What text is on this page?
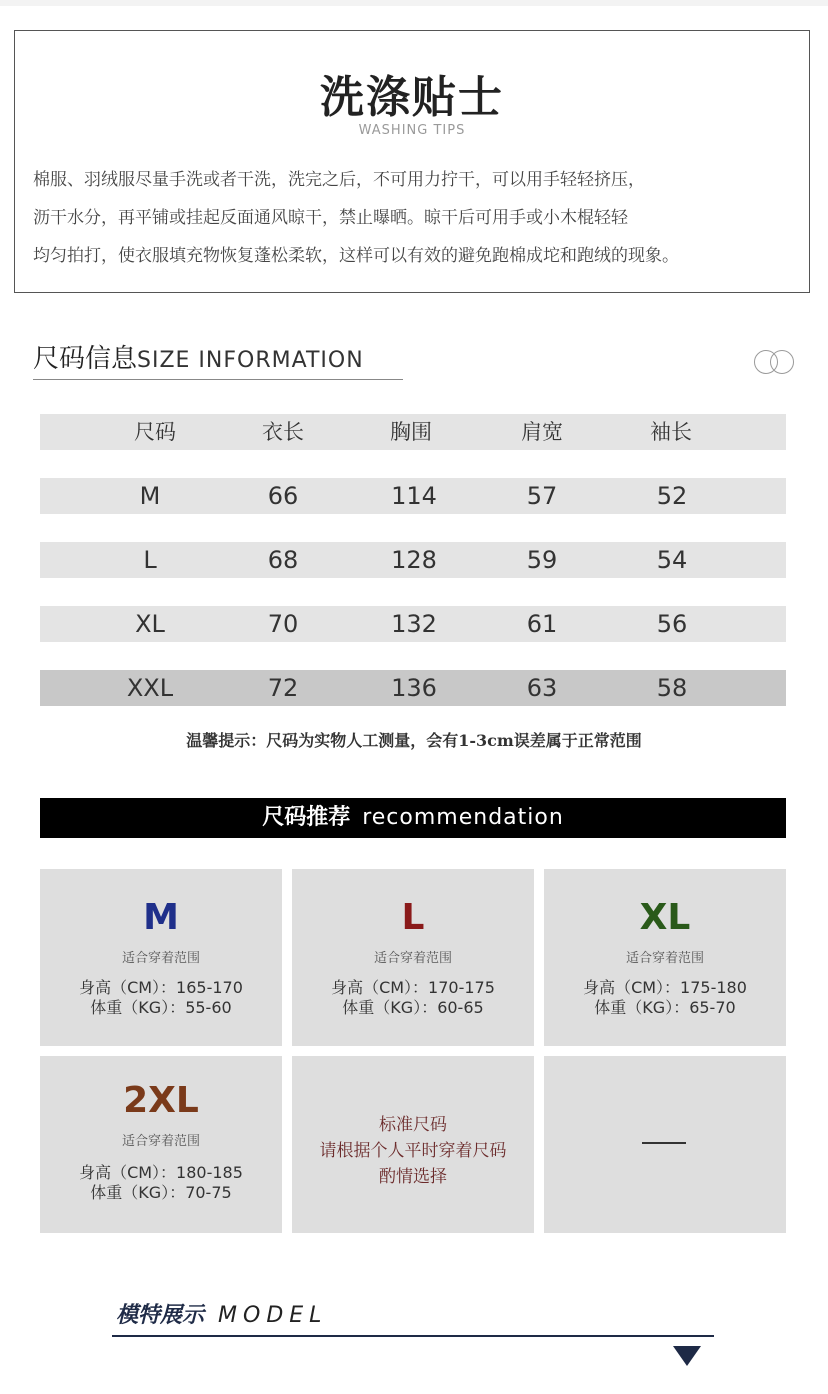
洗涤贴士
WASHING TIPS
棉服、羽绒服尽量手洗或者干洗，洗完之后，不可用力拧干，可以用手轻轻挤压，
沥干水分，再平铺或挂起反面通风晾干，禁止曝晒。晾干后可用手或小木棍轻轻
均匀拍打，使衣服填充物恢复蓬松柔软，这样可以有效的避免跑棉成坨和跑绒的现象。
尺码信息SIZE INFORMATION
尺码	衣长	胸围	肩宽	袖长
M	66	114	57	52
L	68	128	59	54
XL	70	132	61	56
XXL	72	136	63	58
温馨提示：尺码为实物人工测量，会有1-3cm误差属于正常范围
尺码推荐 recommendation
M
适合穿着范围
身高（CM）：165-170
体重（KG）：55-60
L
适合穿着范围
身高（CM）：170-175
体重（KG）：60-65
XL
适合穿着范围
身高（CM）：175-180
体重（KG）：65-70
2XL
适合穿着范围
身高（CM）：180-185
体重（KG）：70-75
标准尺码
请根据个人平时穿着尺码
酌情选择
模特展示 MODEL
